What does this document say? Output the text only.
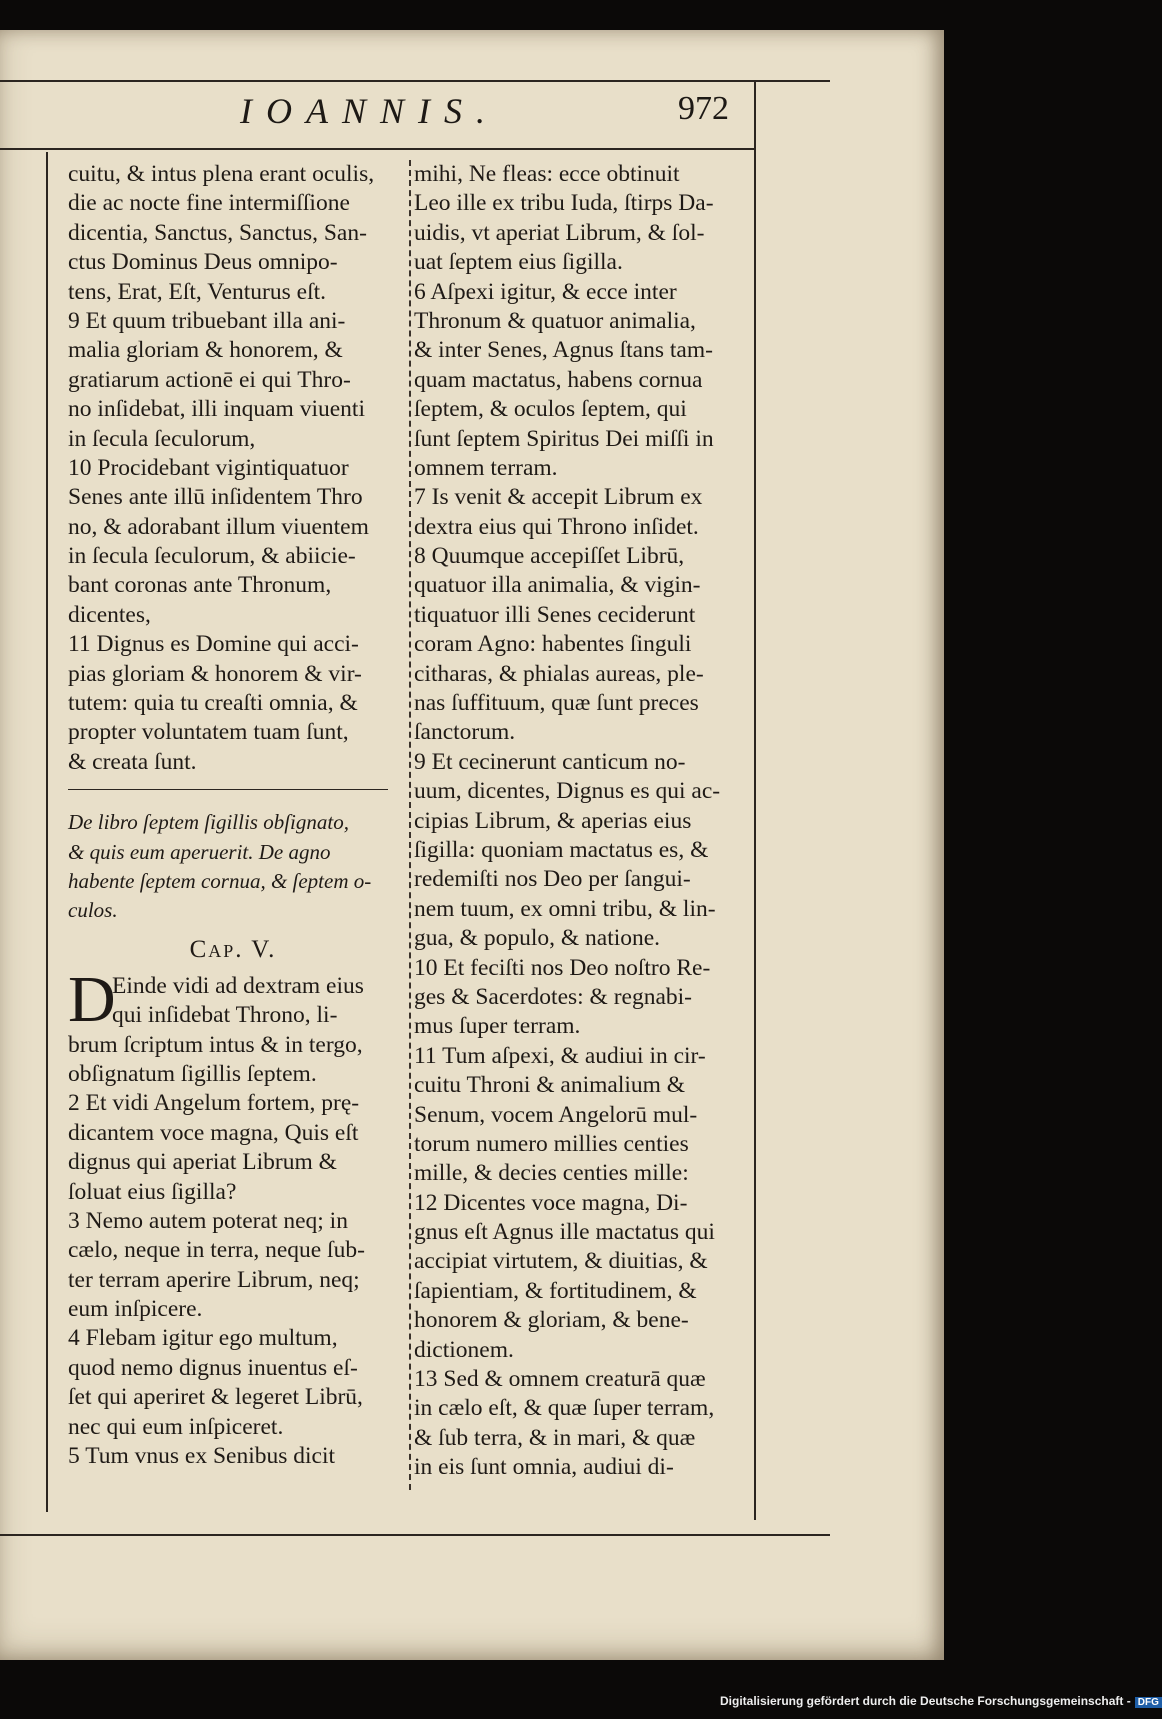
IOANNIS.	972
cuitu, & intus plena erant oculis,
die ac nocte fine intermiſſione
dicentia, Sanctus, Sanctus, San-
ctus Dominus Deus omnipo-
tens, Erat, Eſt, Venturus eſt.
9 Et quum tribuebant illa ani-
malia gloriam & honorem, &
gratiarum actionē ei qui Thro-
no inſidebat, illi inquam viuenti
in ſecula ſeculorum,
10 Procidebant vigintiquatuor
Senes ante illū inſidentem Thro
no, & adorabant illum viuentem
in ſecula ſeculorum, & abiicie-
bant coronas ante Thronum,
dicentes,
11 Dignus es Domine qui acci-
pias gloriam & honorem & vir-
tutem: quia tu creaſti omnia, &
propter voluntatem tuam ſunt,
& creata ſunt.
De libro ſeptem ſigillis obſignato,
& quis eum aperuerit. De agno
habente ſeptem cornua, & ſeptem o-
culos.
Cap. V.
D
Einde vidi ad dextram eius
qui inſidebat Throno, li-
brum ſcriptum intus & in tergo,
obſignatum ſigillis ſeptem.
2 Et vidi Angelum fortem, prę-
dicantem voce magna, Quis eſt
dignus qui aperiat Librum &
ſoluat eius ſigilla?
3 Nemo autem poterat neq; in
cælo, neque in terra, neque ſub-
ter terram aperire Librum, neq;
eum inſpicere.
4 Flebam igitur ego multum,
quod nemo dignus inuentus eſ-
ſet qui aperiret & legeret Librū,
nec qui eum inſpiceret.
5 Tum vnus ex Senibus dicit
mihi, Ne fleas: ecce obtinuit
Leo ille ex tribu Iuda, ſtirps Da-
uidis, vt aperiat Librum, & ſol-
uat ſeptem eius ſigilla.
6 Aſpexi igitur, & ecce inter
Thronum & quatuor animalia,
& inter Senes, Agnus ſtans tam-
quam mactatus, habens cornua
ſeptem, & oculos ſeptem, qui
ſunt ſeptem Spiritus Dei miſſi in
omnem terram.
7 Is venit & accepit Librum ex
dextra eius qui Throno inſidet.
8 Quumque accepiſſet Librū,
quatuor illa animalia, & vigin-
tiquatuor illi Senes ceciderunt
coram Agno: habentes ſinguli
citharas, & phialas aureas, ple-
nas ſuffituum, quæ ſunt preces
ſanctorum.
9 Et cecinerunt canticum no-
uum, dicentes, Dignus es qui ac-
cipias Librum, & aperias eius
ſigilla: quoniam mactatus es, &
redemiſti nos Deo per ſangui-
nem tuum, ex omni tribu, & lin-
gua, & populo, & natione.
10 Et feciſti nos Deo noſtro Re-
ges & Sacerdotes: & regnabi-
mus ſuper terram.
11 Tum aſpexi, & audiui in cir-
cuitu Throni & animalium &
Senum, vocem Angelorū mul-
torum numero millies centies
mille, & decies centies mille:
12 Dicentes voce magna, Di-
gnus eſt Agnus ille mactatus qui
accipiat virtutem, & diuitias, &
ſapientiam, & fortitudinem, &
honorem & gloriam, & bene-
dictionem.
13 Sed & omnem creaturā quæ
in cælo eſt, & quæ ſuper terram,
& ſub terra, & in mari, & quæ
in eis ſunt omnia, audiui di-
Digitalisierung gefördert durch die Deutsche Forschungsgemeinschaft - DFG
